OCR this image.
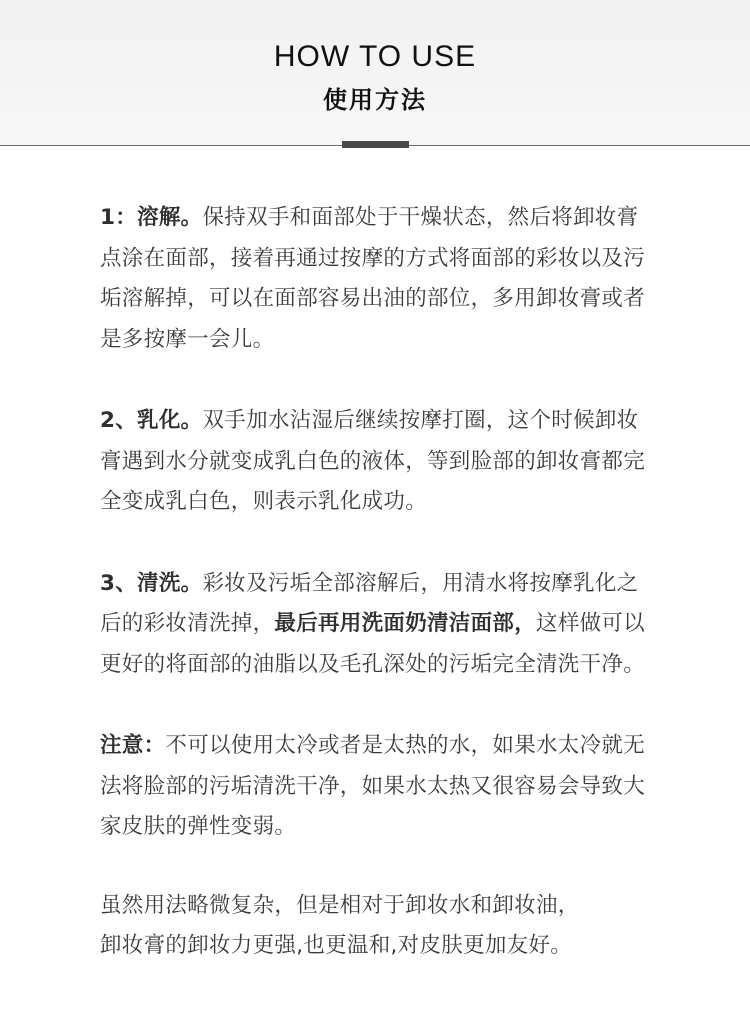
HOW TO USE
使用方法

1：溶解。保持双手和面部处于干燥状态，然后将卸妆膏点涂在面部，接着再通过按摩的方式将面部的彩妆以及污垢溶解掉，可以在面部容易出油的部位，多用卸妆膏或者是多按摩一会儿。

2、乳化。双手加水沾湿后继续按摩打圈，这个时候卸妆膏遇到水分就变成乳白色的液体，等到脸部的卸妆膏都完全变成乳白色，则表示乳化成功。

3、清洗。彩妆及污垢全部溶解后，用清水将按摩乳化之后的彩妆清洗掉，最后再用洗面奶清洁面部，这样做可以更好的将面部的油脂以及毛孔深处的污垢完全清洗干净。

注意：不可以使用太冷或者是太热的水，如果水太冷就无法将脸部的污垢清洗干净，如果水太热又很容易会导致大家皮肤的弹性变弱。

虽然用法略微复杂，但是相对于卸妆水和卸妆油，
卸妆膏的卸妆力更强,也更温和,对皮肤更加友好。
